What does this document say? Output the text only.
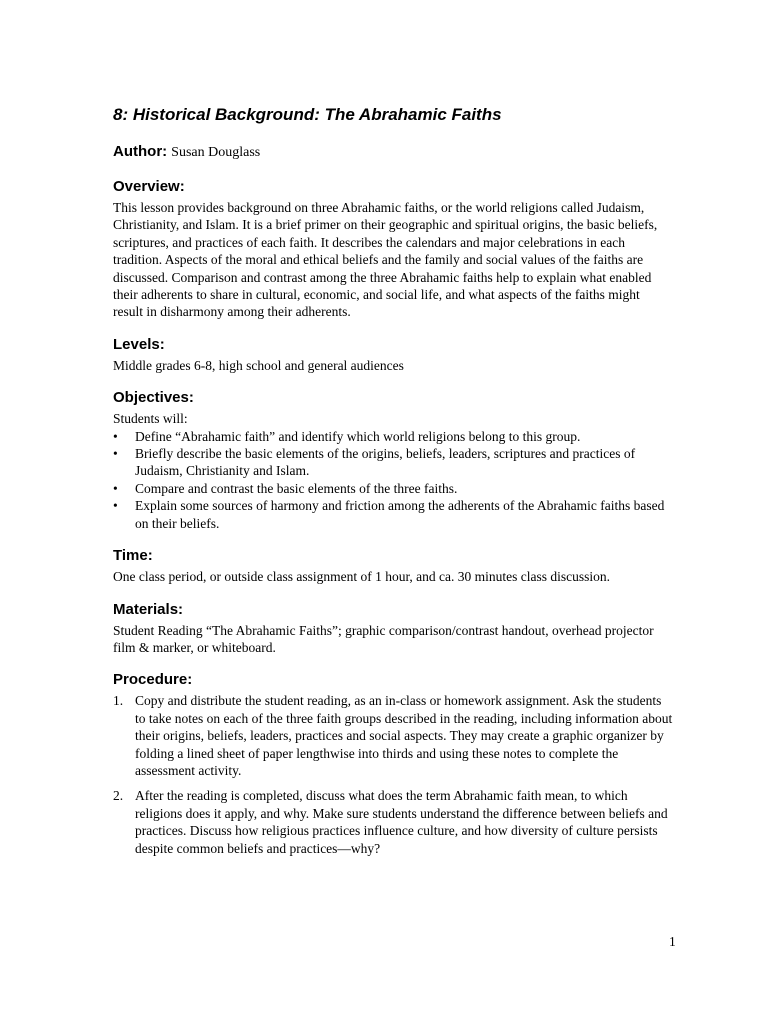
8: Historical Background: The Abrahamic Faiths
Author: Susan Douglass
Overview:

This lesson provides background on three Abrahamic faiths, or the world religions called Judaism, Christianity, and Islam. It is a brief primer on their geographic and spiritual origins, the basic beliefs, scriptures, and practices of each faith. It describes the calendars and major celebrations in each tradition. Aspects of the moral and ethical beliefs and the family and social values of the faiths are discussed. Comparison and contrast among the three Abrahamic faiths help to explain what enabled their adherents to share in cultural, economic, and social life, and what aspects of the faiths might result in disharmony among their adherents.

Levels:

Middle grades 6-8, high school and general audiences

Objectives:

Students will:

• Define “Abrahamic faith” and identify which world religions belong to this group.
• Briefly describe the basic elements of the origins, beliefs, leaders, scriptures and practices of Judaism, Christianity and Islam.
• Compare and contrast the basic elements of the three faiths.
• Explain some sources of harmony and friction among the adherents of the Abrahamic faiths based on their beliefs.
Time:

One class period, or outside class assignment of 1 hour, and ca. 30 minutes class discussion.

Materials:

Student Reading “The Abrahamic Faiths”; graphic comparison/contrast handout, overhead projector film & marker, or whiteboard.

Procedure:
1. Copy and distribute the student reading, as an in-class or homework assignment. Ask the students to take notes on each of the three faith groups described in the reading, including information about their origins, beliefs, leaders, practices and social aspects. They may create a graphic organizer by folding a lined sheet of paper lengthwise into thirds and using these notes to complete the assessment activity.
2. After the reading is completed, discuss what does the term Abrahamic faith mean, to which religions does it apply, and why. Make sure students understand the difference between beliefs and practices. Discuss how religious practices influence culture, and how diversity of culture persists despite common beliefs and practices—why?
1
